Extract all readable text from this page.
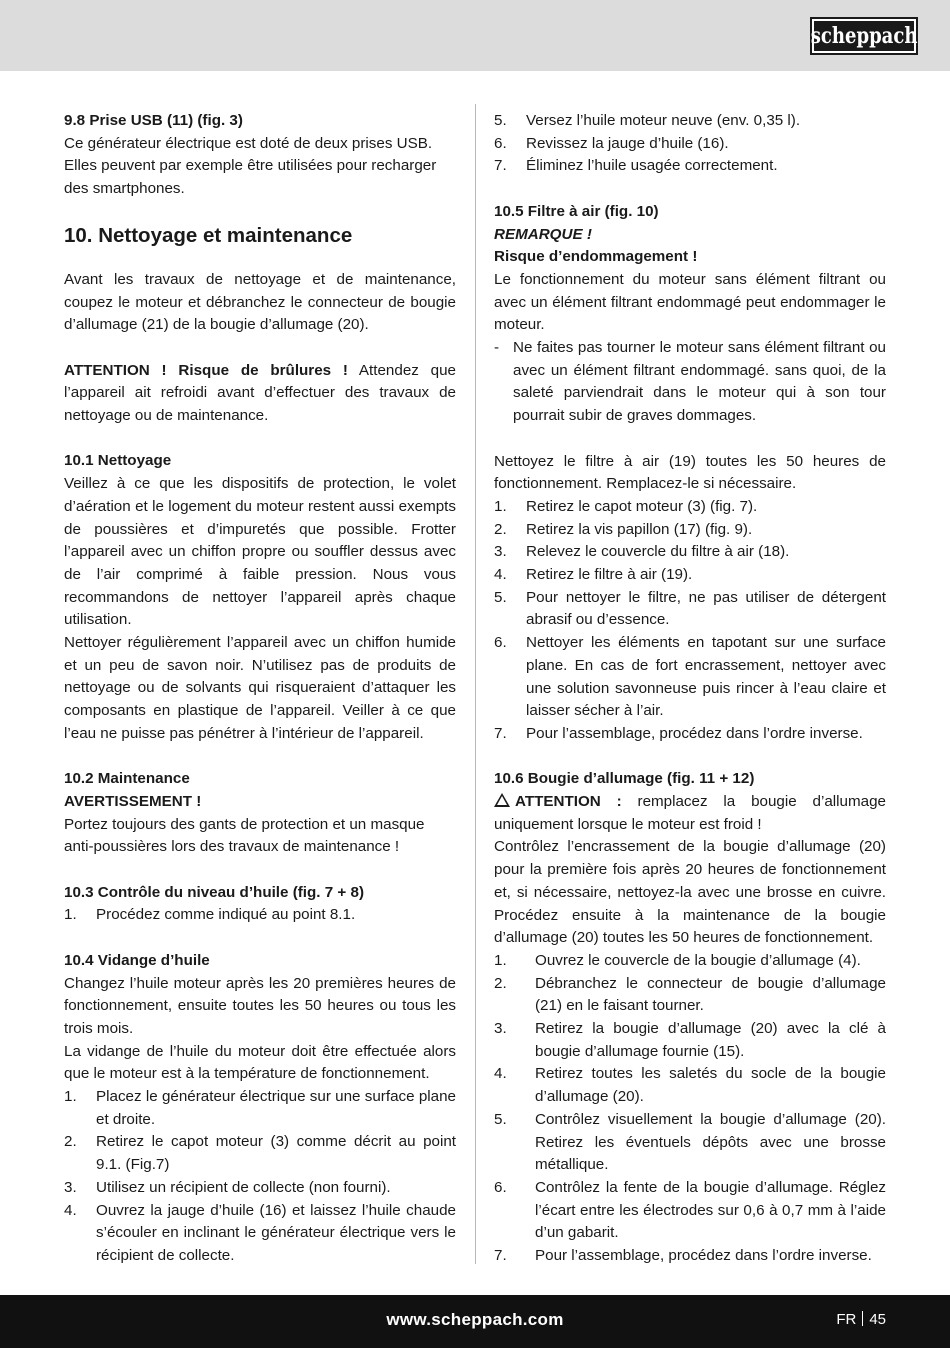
scheppach

9.8 Prise USB (11) (fig. 3)

Ce générateur électrique est doté de deux prises USB. Elles peuvent par exemple être utilisées pour recharger des smartphones.

10. Nettoyage et maintenance

Avant les travaux de nettoyage et de maintenance, coupez le moteur et débranchez le connecteur de bougie d’allumage (21) de la bougie d’allumage (20).

ATTENTION ! Risque de brûlures ! Attendez que l’appareil ait refroidi avant d’effectuer des travaux de nettoyage ou de maintenance.

10.1 Nettoyage

Veillez à ce que les dispositifs de protection, le volet d’aération et le logement du moteur restent aussi exempts de poussières et d’impuretés que possible. Frotter l’appareil avec un chiffon propre ou souffler dessus avec de l’air comprimé à faible pression. Nous vous recommandons de nettoyer l’appareil après chaque utilisation.

Nettoyer régulièrement l’appareil avec un chiffon humide et un peu de savon noir. N’utilisez pas de produits de nettoyage ou de solvants qui risqueraient d’attaquer les composants en plastique de l’appareil. Veiller à ce que l’eau ne puisse pas pénétrer à l’intérieur de l’appareil.

10.2 Maintenance

AVERTISSEMENT !

Portez toujours des gants de protection et un masque anti-poussières lors des travaux de maintenance !

10.3 Contrôle du niveau d’huile (fig. 7 + 8)

1.	Procédez comme indiqué au point 8.1.

10.4 Vidange d’huile

Changez l’huile moteur après les 20 premières heures de fonctionnement, ensuite toutes les 50 heures ou tous les trois mois.

La vidange de l’huile du moteur doit être effectuée alors que le moteur est à la température de fonctionnement.

1.	Placez le générateur électrique sur une surface plane et droite.
2.	Retirez le capot moteur (3) comme décrit au point 9.1. (Fig.7)
3.	Utilisez un récipient de collecte (non fourni).
4.	Ouvrez la jauge d’huile (16) et laissez l’huile chaude s’écouler en inclinant le générateur électrique vers le récipient de collecte.
5.	Versez l’huile moteur neuve (env. 0,35 l).
6.	Revissez la jauge d’huile (16).
7.	Éliminez l’huile usagée correctement.

10.5 Filtre à air (fig. 10)

REMARQUE !

Risque d’endommagement !

Le fonctionnement du moteur sans élément filtrant ou avec un élément filtrant endommagé peut endommager le moteur.

- Ne faites pas tourner le moteur sans élément filtrant ou avec un élément filtrant endommagé. sans quoi, de la saleté parviendrait dans le moteur qui à son tour pourrait subir de graves dommages.

Nettoyez le filtre à air (19) toutes les 50 heures de fonctionnement. Remplacez-le si nécessaire.

1.	Retirez le capot moteur (3) (fig. 7).
2.	Retirez la vis papillon (17) (fig. 9).
3.	Relevez le couvercle du filtre à air (18).
4.	Retirez le filtre à air (19).
5.	Pour nettoyer le filtre, ne pas utiliser de détergent abrasif ou d’essence.
6.	Nettoyer les éléments en tapotant sur une surface plane. En cas de fort encrassement, nettoyer avec une solution savonneuse puis rincer à l’eau claire et laisser sécher à l’air.
7.	Pour l’assemblage, procédez dans l’ordre inverse.

10.6 Bougie d’allumage (fig. 11 + 12)

ATTENTION : remplacez la bougie d’allumage uniquement lorsque le moteur est froid !

Contrôlez l’encrassement de la bougie d’allumage (20) pour la première fois après 20 heures de fonctionnement et, si nécessaire, nettoyez-la avec une brosse en cuivre. Procédez ensuite à la maintenance de la bougie d’allumage (20) toutes les 50 heures de fonctionnement.

1.	Ouvrez le couvercle de la bougie d’allumage (4).
2.	Débranchez le connecteur de bougie d’allumage (21) en le faisant tourner.
3.	Retirez la bougie d’allumage (20) avec la clé à bougie d’allumage fournie (15).
4.	Retirez toutes les saletés du socle de la bougie d’allumage (20).
5.	Contrôlez visuellement la bougie d’allumage (20). Retirez les éventuels dépôts avec une brosse métallique.
6.	Contrôlez la fente de la bougie d’allumage. Réglez l’écart entre les électrodes sur 0,6 à 0,7 mm à l’aide d’un gabarit.
7.	Pour l’assemblage, procédez dans l’ordre inverse.
www.scheppach.com	FR 45
